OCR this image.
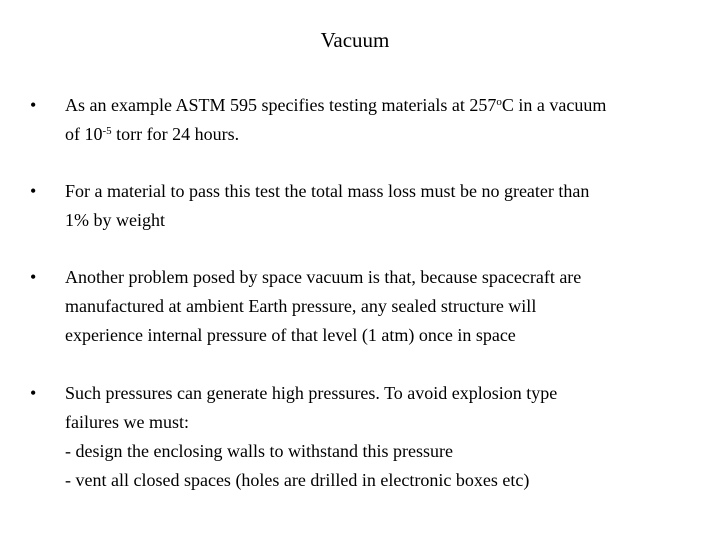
Vacuum
•	As an example ASTM 595 specifies testing materials at 257$^o$C in a vacuum
of $10^{-5}$ torr for 24 hours.
•	For a material to pass this test the total mass loss must be no greater than
1% by weight
•	Another problem posed by space vacuum is that, because spacecraft are
manufactured at ambient Earth pressure, any sealed structure will
experience internal pressure of that level (1 atm) once in space
•	Such pressures can generate high pressures. To avoid explosion type
failures we must:
- design the enclosing walls to withstand this pressure
- vent all closed spaces (holes are drilled in electronic boxes etc)
